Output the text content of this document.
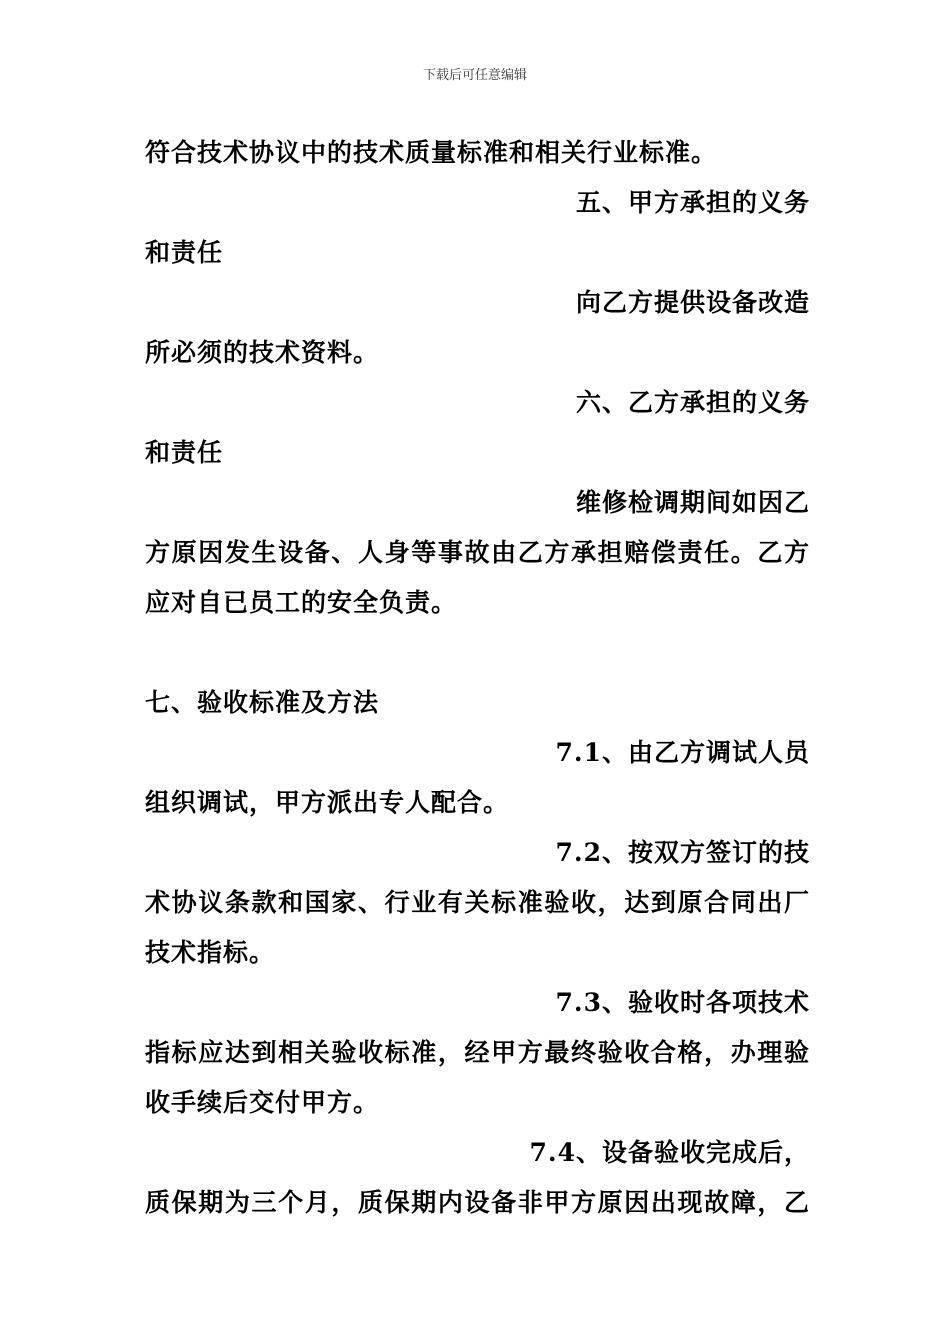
下载后可任意编辑
符合技术协议中的技术质量标准和相关行业标准。
五、甲方承担的义务
和责任
向乙方提供设备改造
所必须的技术资料。
六、乙方承担的义务
和责任
维修检调期间如因乙
方原因发生设备、人身等事故由乙方承担赔偿责任。乙方
应对自已员工的安全负责。
七、验收标准及方法
7.1、由乙方调试人员
组织调试，甲方派出专人配合。
7.2、按双方签订的技
术协议条款和国家、行业有关标准验收，达到原合同出厂
技术指标。
7.3、验收时各项技术
指标应达到相关验收标准，经甲方最终验收合格，办理验
收手续后交付甲方。
7.4、设备验收完成后，
质保期为三个月，质保期内设备非甲方原因出现故障，乙
